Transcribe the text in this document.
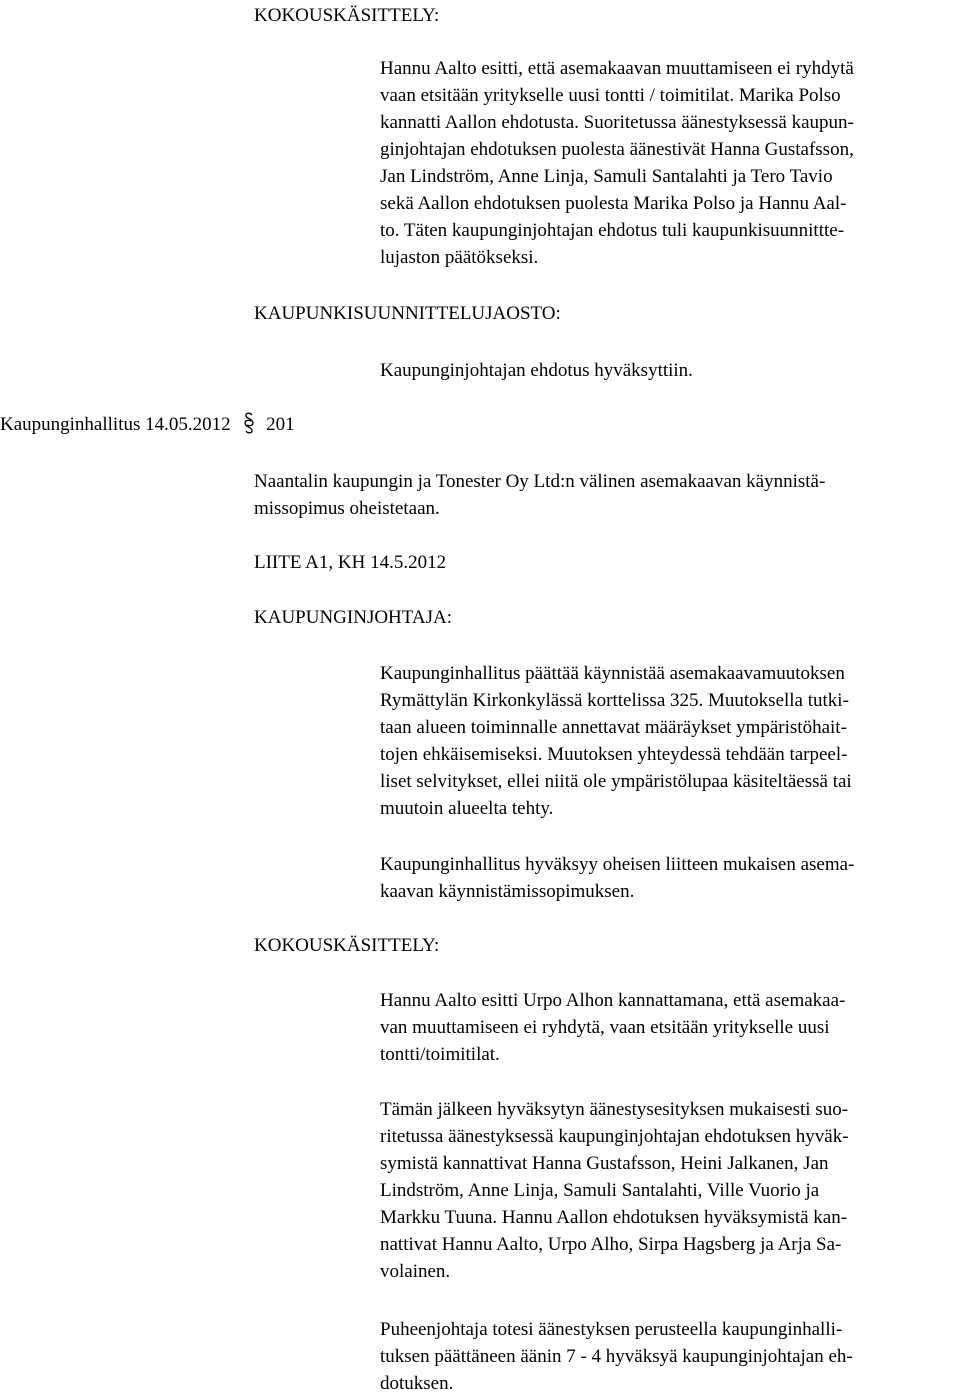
KOKOUSKÄSITTELY:
Hannu Aalto esitti, että asemakaavan muuttamiseen ei ryhdytä
vaan etsitään yritykselle uusi tontti / toimitilat. Marika Polso
kannatti Aallon ehdotusta. Suoritetussa äänestyksessä kaupun-
ginjohtajan ehdotuksen puolesta äänestivät Hanna Gustafsson,
Jan Lindström, Anne Linja, Samuli Santalahti ja Tero Tavio
sekä Aallon ehdotuksen puolesta Marika Polso ja Hannu Aal-
to. Täten kaupunginjohtajan ehdotus tuli kaupunkisuunnittte-
lujaston päätökseksi.
KAUPUNKISUUNNITTELUJAOSTO:
Kaupunginjohtajan ehdotus hyväksyttiin.
Kaupunginhallitus 14.05.2012 201
Naantalin kaupungin ja Tonester Oy Ltd:n välinen asemakaavan käynnistä-
missopimus oheistetaan.
LIITE A1, KH 14.5.2012
KAUPUNGINJOHTAJA:
Kaupunginhallitus päättää käynnistää asemakaavamuutoksen
Rymättylän Kirkonkylässä korttelissa 325. Muutoksella tutki-
taan alueen toiminnalle annettavat määräykset ympäristöhait-
tojen ehkäisemiseksi. Muutoksen yhteydessä tehdään tarpeel-
liset selvitykset, ellei niitä ole ympäristölupaa käsiteltäessä tai
muutoin alueelta tehty.
Kaupunginhallitus hyväksyy oheisen liitteen mukaisen asema-
kaavan käynnistämissopimuksen.
KOKOUSKÄSITTELY:
Hannu Aalto esitti Urpo Alhon kannattamana, että asemakaa-
van muuttamiseen ei ryhdytä, vaan etsitään yritykselle uusi
tontti/toimitilat.
Tämän jälkeen hyväksytyn äänestysesityksen mukaisesti suo-
ritetussa äänestyksessä kaupunginjohtajan ehdotuksen hyväk-
symistä kannattivat Hanna Gustafsson, Heini Jalkanen, Jan
Lindström, Anne Linja, Samuli Santalahti, Ville Vuorio ja
Markku Tuuna. Hannu Aallon ehdotuksen hyväksymistä kan-
nattivat Hannu Aalto, Urpo Alho, Sirpa Hagsberg ja Arja Sa-
volainen.
Puheenjohtaja totesi äänestyksen perusteella kaupunginhalli-
tuksen päättäneen äänin 7 - 4 hyväksyä kaupunginjohtajan eh-
dotuksen.
